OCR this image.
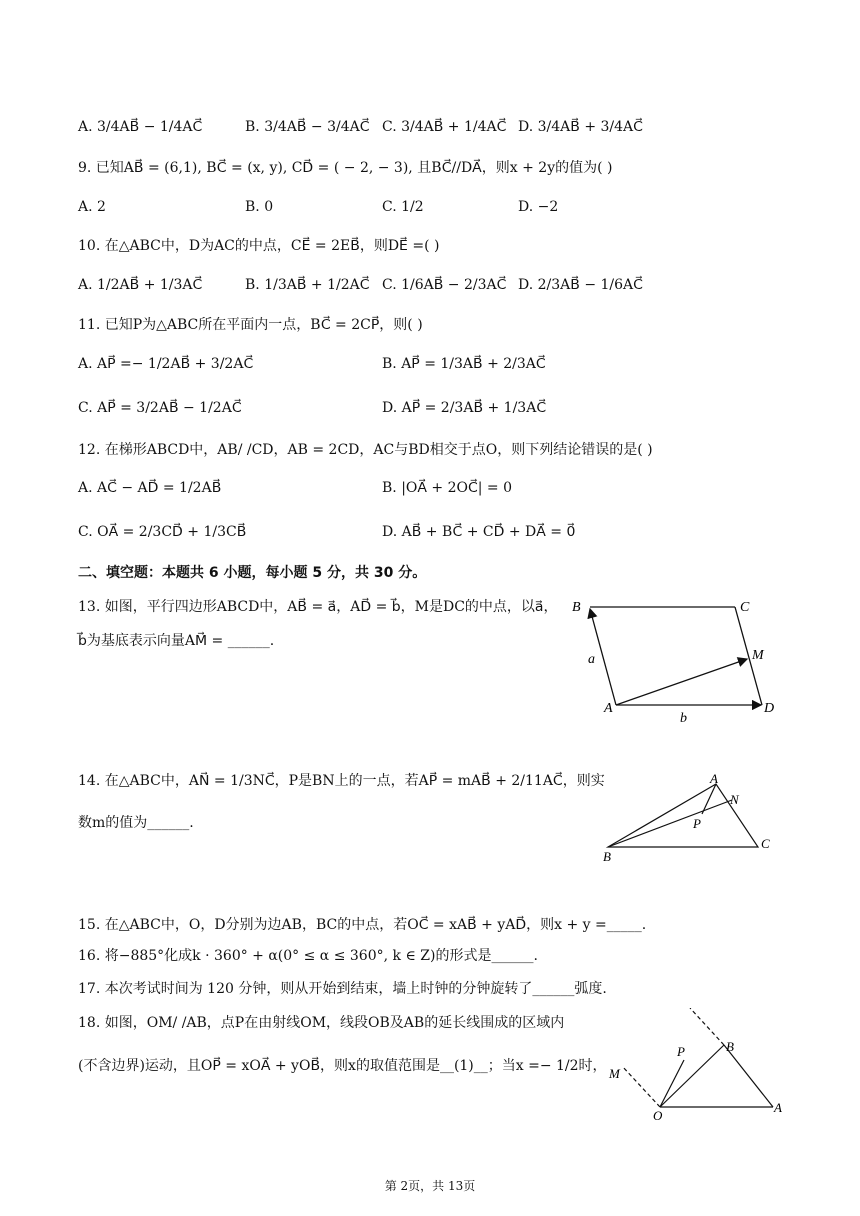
A. 3/4AB⃗ − 1/4AC⃗	B. 3/4AB⃗ − 3/4AC⃗ C. 3/4AB⃗ + 1/4AC⃗ D. 3/4AB⃗ + 3/4AC⃗
9. 已知AB⃗ = (6,1), BC⃗ = (x, y), CD⃗ = ( − 2, − 3), 且BC⃗//DA⃗，则x + 2y的值为( )
A. 2	B. 0	C. 1/2	D. −2
10. 在△ABC中，D为AC的中点，CE⃗ = 2EB⃗，则DE⃗ =( )
A. 1/2AB⃗ + 1/3AC⃗	B. 1/3AB⃗ + 1/2AC⃗ C. 1/6AB⃗ − 2/3AC⃗ D. 2/3AB⃗ − 1/6AC⃗
11. 已知P为△ABC所在平面内一点，BC⃗ = 2CP⃗，则( )
A. AP⃗ =− 1/2AB⃗ + 3/2AC⃗	B. AP⃗ = 1/3AB⃗ + 2/3AC⃗
C. AP⃗ = 3/2AB⃗ − 1/2AC⃗	D. AP⃗ = 2/3AB⃗ + 1/3AC⃗
12. 在梯形ABCD中，AB/ /CD，AB = 2CD，AC与BD相交于点O，则下列结论错误的是( )
A. AC⃗ − AD⃗ = 1/2AB⃗	B. |OA⃗ + 2OC⃗| = 0
C. OA⃗ = 2/3CD⃗ + 1/3CB⃗	D. AB⃗ + BC⃗ + CD⃗ + DA⃗ = 0⃗
二、填空题：本题共 6 小题，每小题 5 分，共 30 分。
13. 如图，平行四边形ABCD中，AB⃗ = a⃗，AD⃗ = b⃗，M是DC的中点，以a⃗，
b⃗为基底表示向量AM⃗ = ______.
B	C
M
A	D
a
b
14. 在△ABC中，AN⃗ = 1/3NC⃗，P是BN上的一点，若AP⃗ = mAB⃗ + 2/11AC⃗，则实
数m的值为______.
A
N
P
B
C
15. 在△ABC中，O，D分别为边AB，BC的中点，若OC⃗ = xAB⃗ + yAD⃗，则x + y =_____.
16. 将−885°化成k · 360° + α(0° ≤ α ≤ 360°, k ∈ Z)的形式是______.
17. 本次考试时间为 120 分钟，则从开始到结束，墙上时钟的分钟旋转了______弧度.
18. 如图，OM/ /AB，点P在由射线OM，线段OB及AB的延长线围成的区域内
(不含边界)运动，且OP⃗ = xOA⃗ + yOB⃗，则x的取值范围是__(1)__；当x =− 1/2时，
P	B
M
O
A
第 2页，共 13页
